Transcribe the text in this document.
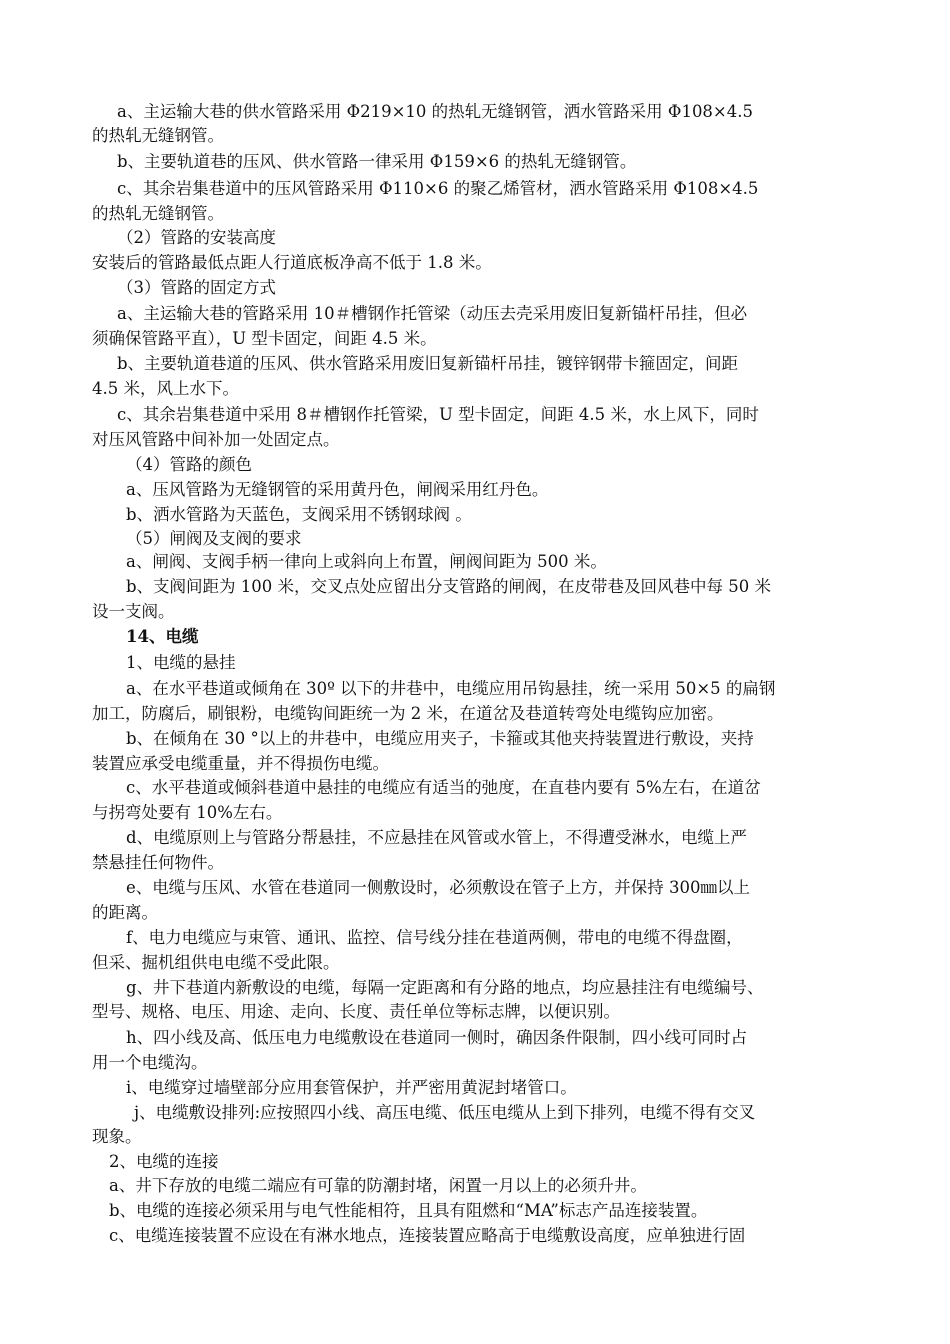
a、主运输大巷的供水管路采用 Φ219×10 的热轧无缝钢管，洒水管路采用 Φ108×4.5
的热轧无缝钢管。
b、主要轨道巷的压风、供水管路一律采用 Φ159×6 的热轧无缝钢管。
c、其余岩集巷道中的压风管路采用 Φ110×6 的聚乙烯管材，洒水管路采用 Φ108×4.5
的热轧无缝钢管。
（2）管路的安装高度
安装后的管路最低点距人行道底板净高不低于 1.8 米。
（3）管路的固定方式
a、主运输大巷的管路采用 10＃槽钢作托管梁（动压去壳采用废旧复新锚杆吊挂，但必
须确保管路平直），U 型卡固定，间距 4.5 米。
b、主要轨道巷道的压风、供水管路采用废旧复新锚杆吊挂，镀锌钢带卡箍固定，间距
4.5 米，风上水下。
c、其余岩集巷道中采用 8＃槽钢作托管梁，U 型卡固定，间距 4.5 米，水上风下，同时
对压风管路中间补加一处固定点。
（4）管路的颜色
a、压风管路为无缝钢管的采用黄丹色，闸阀采用红丹色。
b、洒水管路为天蓝色，支阀采用不锈钢球阀 。
（5）闸阀及支阀的要求
a、闸阀、支阀手柄一律向上或斜向上布置，闸阀间距为 500 米。
b、支阀间距为 100 米，交叉点处应留出分支管路的闸阀，在皮带巷及回风巷中每 50 米
设一支阀。
14、电缆
1、电缆的悬挂
a、在水平巷道或倾角在 30º 以下的井巷中，电缆应用吊钩悬挂，统一采用 50×5 的扁钢
加工，防腐后，刷银粉，电缆钩间距统一为 2 米，在道岔及巷道转弯处电缆钩应加密。
b、在倾角在 30 °以上的井巷中，电缆应用夹子，卡箍或其他夹持装置进行敷设，夹持
装置应承受电缆重量，并不得损伤电缆。
c、水平巷道或倾斜巷道中悬挂的电缆应有适当的弛度，在直巷内要有 5%左右，在道岔
与拐弯处要有 10%左右。
d、电缆原则上与管路分帮悬挂，不应悬挂在风管或水管上，不得遭受淋水，电缆上严
禁悬挂任何物件。
e、电缆与压风、水管在巷道同一侧敷设时，必须敷设在管子上方，并保持 300㎜以上
的距离。
f、电力电缆应与束管、通讯、监控、信号线分挂在巷道两侧，带电的电缆不得盘圈，
但采、掘机组供电电缆不受此限。
g、井下巷道内新敷设的电缆，每隔一定距离和有分路的地点，均应悬挂注有电缆编号、
型号、规格、电压、用途、走向、长度、责任单位等标志牌，以便识别。
h、四小线及高、低压电力电缆敷设在巷道同一侧时，确因条件限制，四小线可同时占
用一个电缆沟。
i、电缆穿过墙壁部分应用套管保护，并严密用黄泥封堵管口。
j、电缆敷设排列:应按照四小线、高压电缆、低压电缆从上到下排列，电缆不得有交叉
现象。
2、电缆的连接
a、井下存放的电缆二端应有可靠的防潮封堵，闲置一月以上的必须升井。
b、电缆的连接必须采用与电气性能相符，且具有阻燃和“MA”标志产品连接装置。
c、电缆连接装置不应设在有淋水地点，连接装置应略高于电缆敷设高度，应单独进行固
